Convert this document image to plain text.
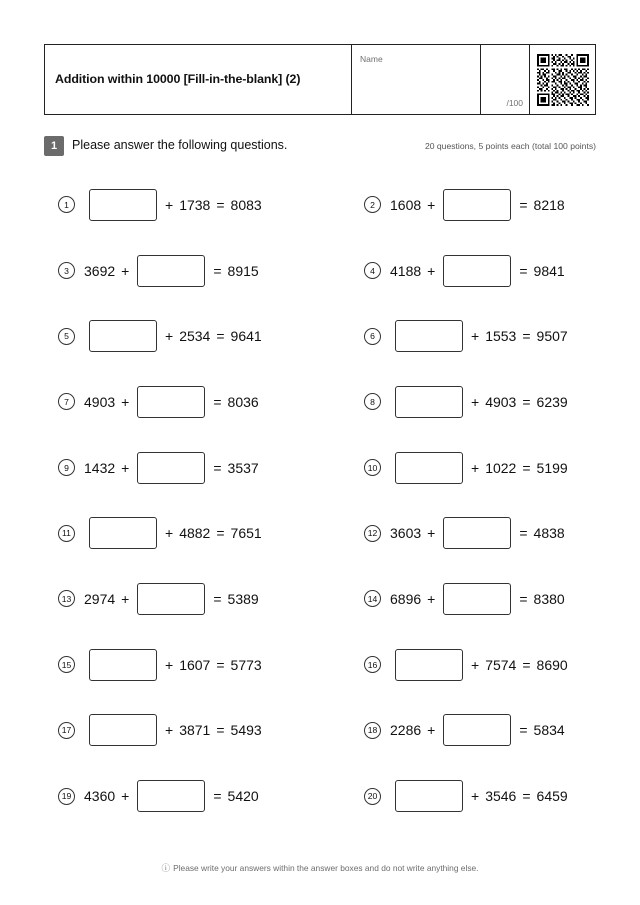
Addition within 10000 [Fill-in-the-blank] (2)
Name
/100
1	Please answer the following questions.	20 questions, 5 points each (total 100 points)
1	+ 1738 = 8083	2	1608 +	= 8218
3	3692 +	= 8915	4	4188 +	= 9841
5	+ 2534 = 9641	6	+ 1553 = 9507
7	4903 +	= 8036	8	+ 4903 = 6239
9	1432 +	= 3537	10	+ 1022 = 5199
11	+ 4882 = 7651	12 3603 +	= 4838
13 2974 +	= 5389	14 6896 +	= 8380
15	+ 1607 = 5773	16	+ 7574 = 8690
17	+ 3871 = 5493	18 2286 +	= 5834
19 4360 +	= 5420	20	+ 3546 = 6459
ⓘ Please write your answers within the answer boxes and do not write anything else.
